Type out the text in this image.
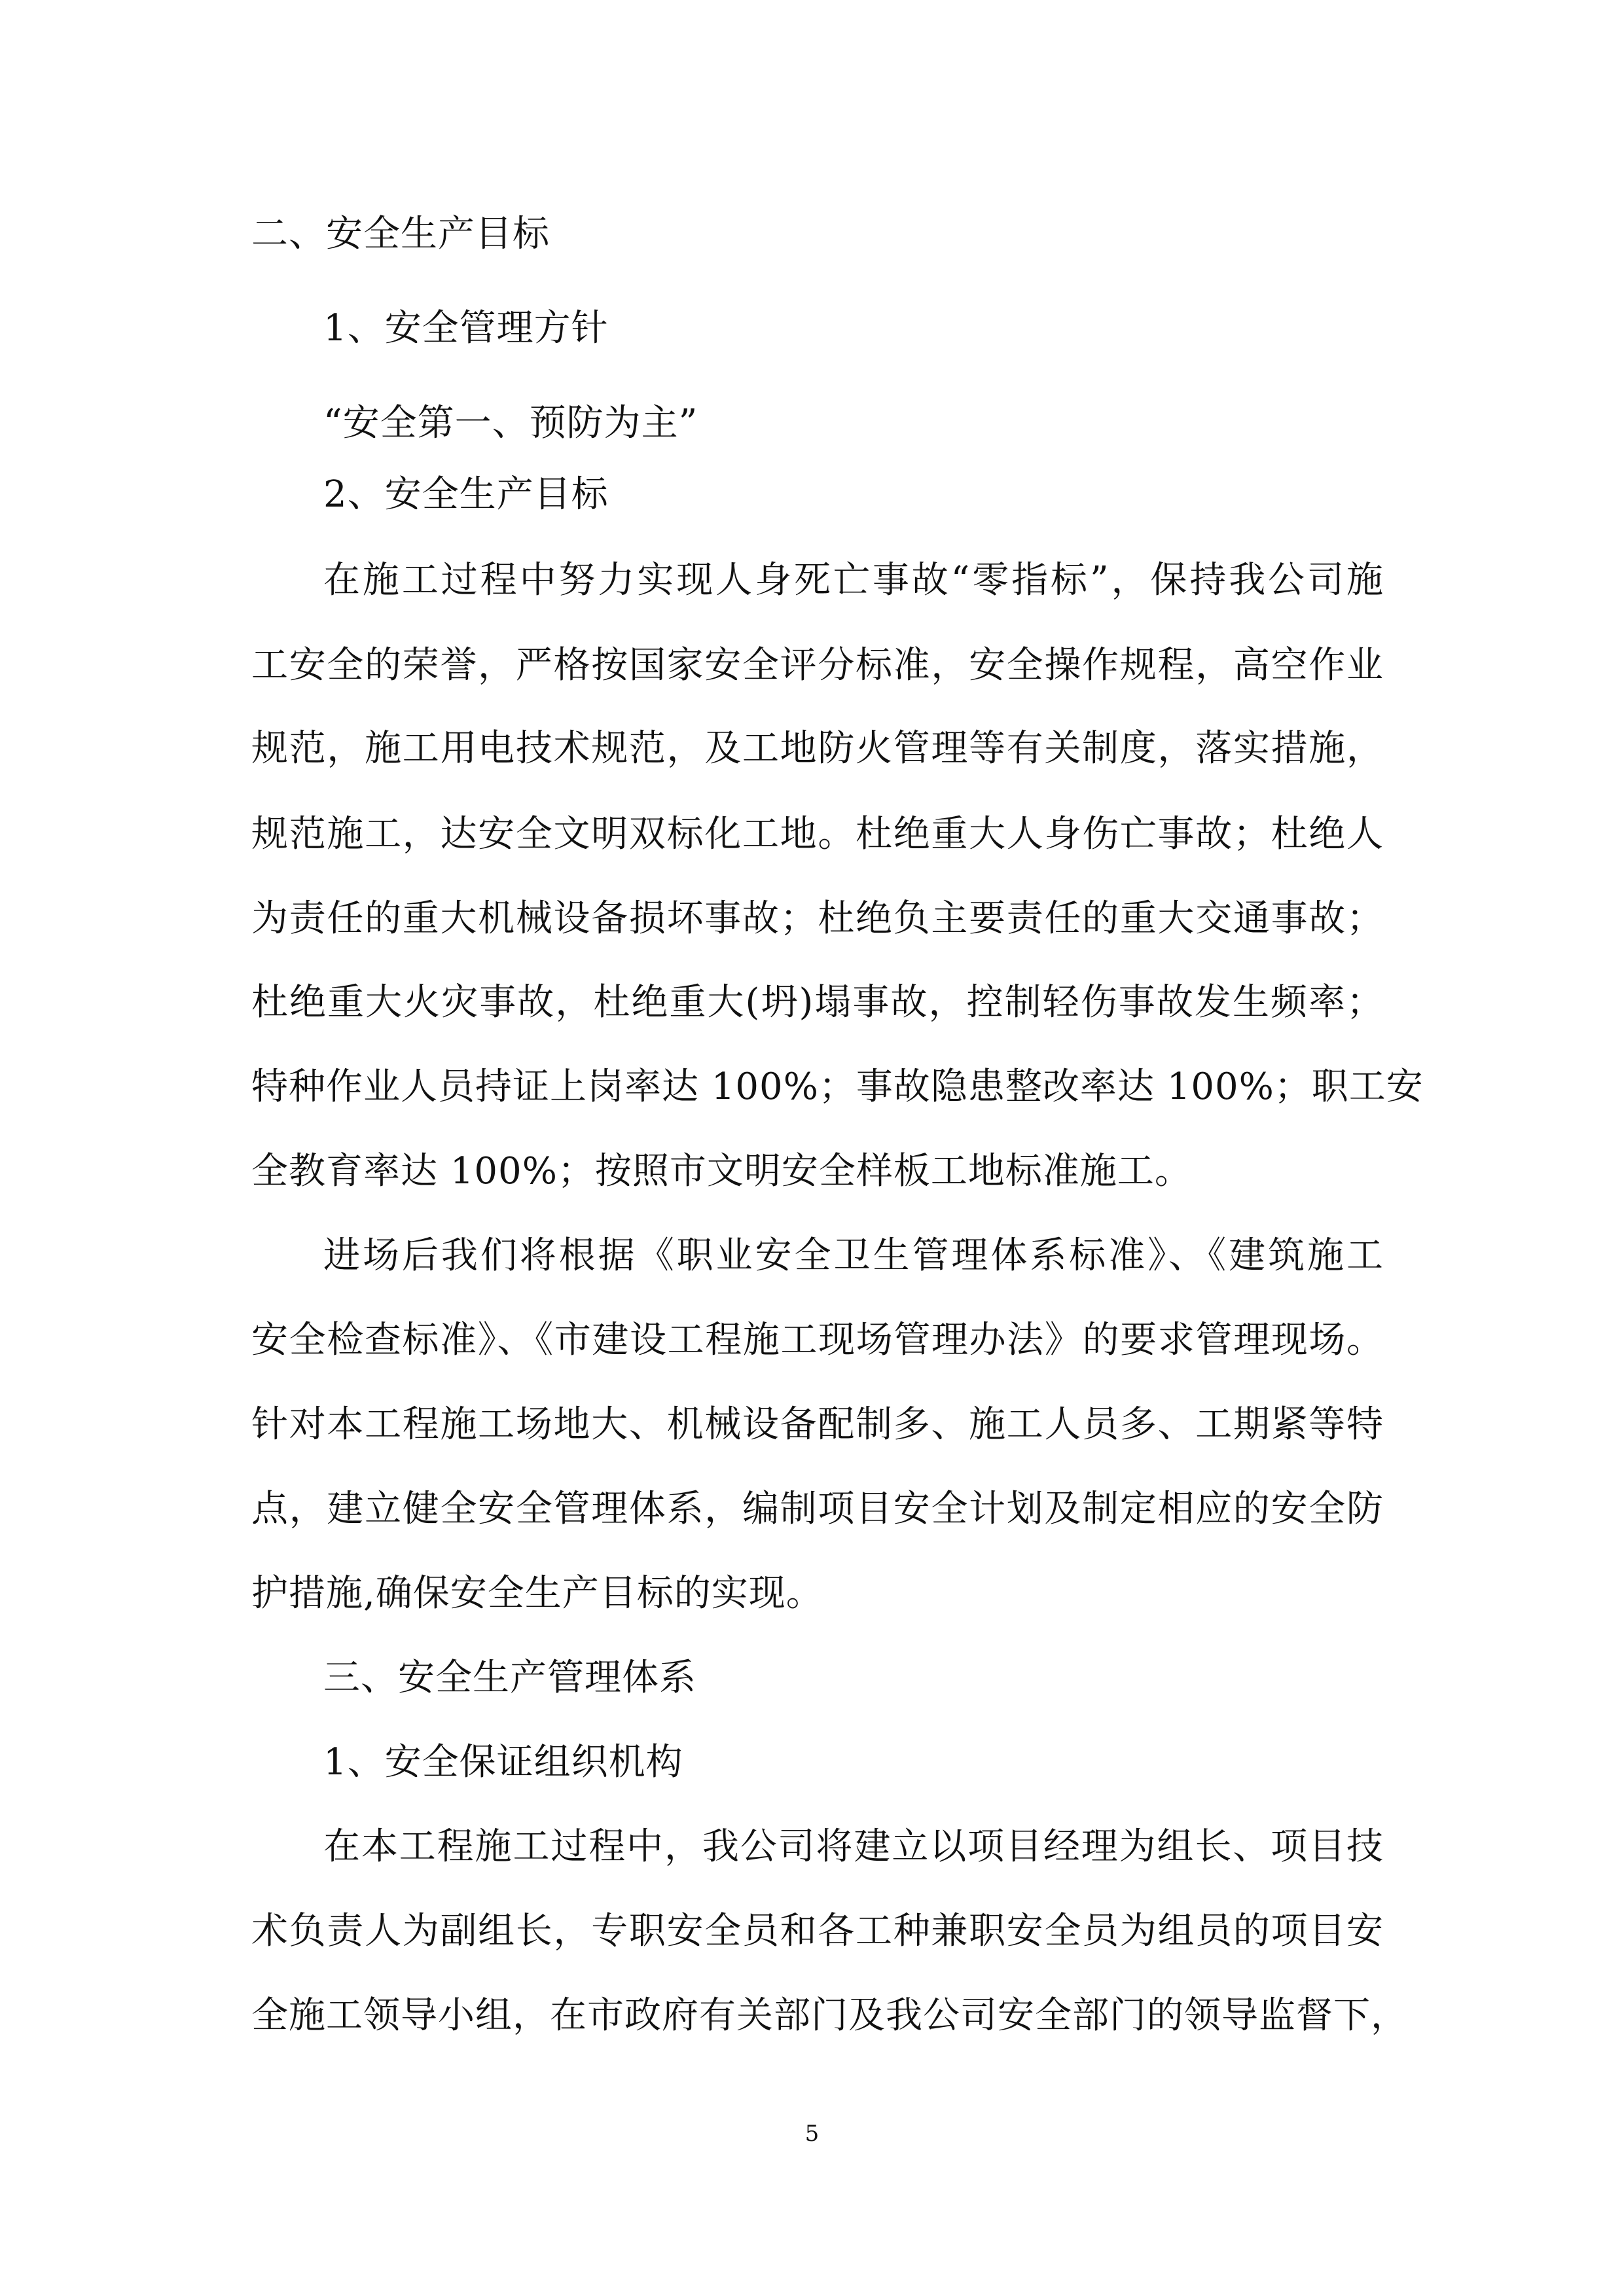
二、安全生产目标
1、安全管理方针
“安全第一、预防为主”
2、安全生产目标
在施工过程中努力实现人身死亡事故“零指标”，保持我公司施
工安全的荣誉，严格按国家安全评分标准，安全操作规程，高空作业
规范，施工用电技术规范，及工地防火管理等有关制度，落实措施，
规范施工，达安全文明双标化工地。杜绝重大人身伤亡事故；杜绝人
为责任的重大机械设备损坏事故；杜绝负主要责任的重大交通事故；
杜绝重大火灾事故，杜绝重大(坍)塌事故，控制轻伤事故发生频率；
特种作业人员持证上岗率达 100%；事故隐患整改率达 100%；职工安
全教育率达 100%；按照市文明安全样板工地标准施工。
进场后我们将根据《职业安全卫生管理体系标准》、《建筑施工
安全检查标准》、《市建设工程施工现场管理办法》的要求管理现场。
针对本工程施工场地大、机械设备配制多、施工人员多、工期紧等特
点，建立健全安全管理体系，编制项目安全计划及制定相应的安全防
护措施,确保安全生产目标的实现。
三、安全生产管理体系
1、安全保证组织机构
在本工程施工过程中，我公司将建立以项目经理为组长、项目技
术负责人为副组长，专职安全员和各工种兼职安全员为组员的项目安
全施工领导小组，在市政府有关部门及我公司安全部门的领导监督下，
5
